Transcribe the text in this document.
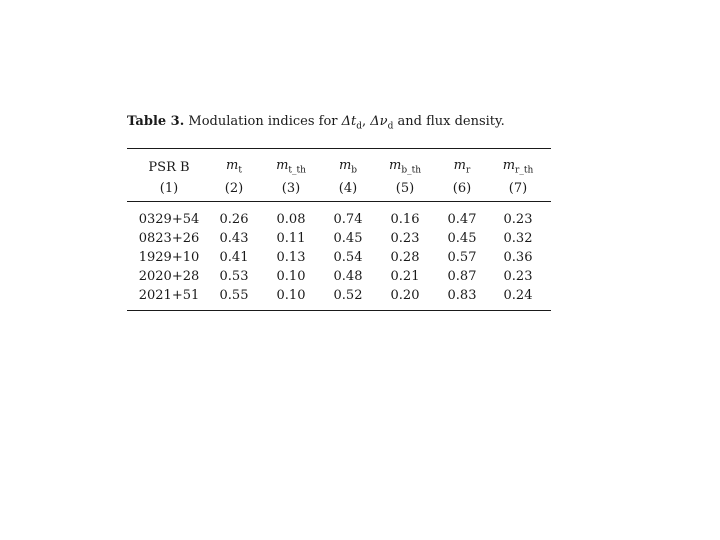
Table 3. Modulation indices for $\Delta t_d$, $\Delta\nu_d$ and flux density.
PSR B	$m_t$	$m_{t\_th}$	$m_b$	$m_{b\_th}$	$m_r$	$m_{r\_th}$
(1)	(2)	(3)	(4)	(5)	(6)	(7)
0329+54	0.26	0.08	0.74	0.16	0.47	0.23
0823+26	0.43	0.11	0.45	0.23	0.45	0.32
1929+10	0.41	0.13	0.54	0.28	0.57	0.36
2020+28	0.53	0.10	0.48	0.21	0.87	0.23
2021+51	0.55	0.10	0.52	0.20	0.83	0.24
